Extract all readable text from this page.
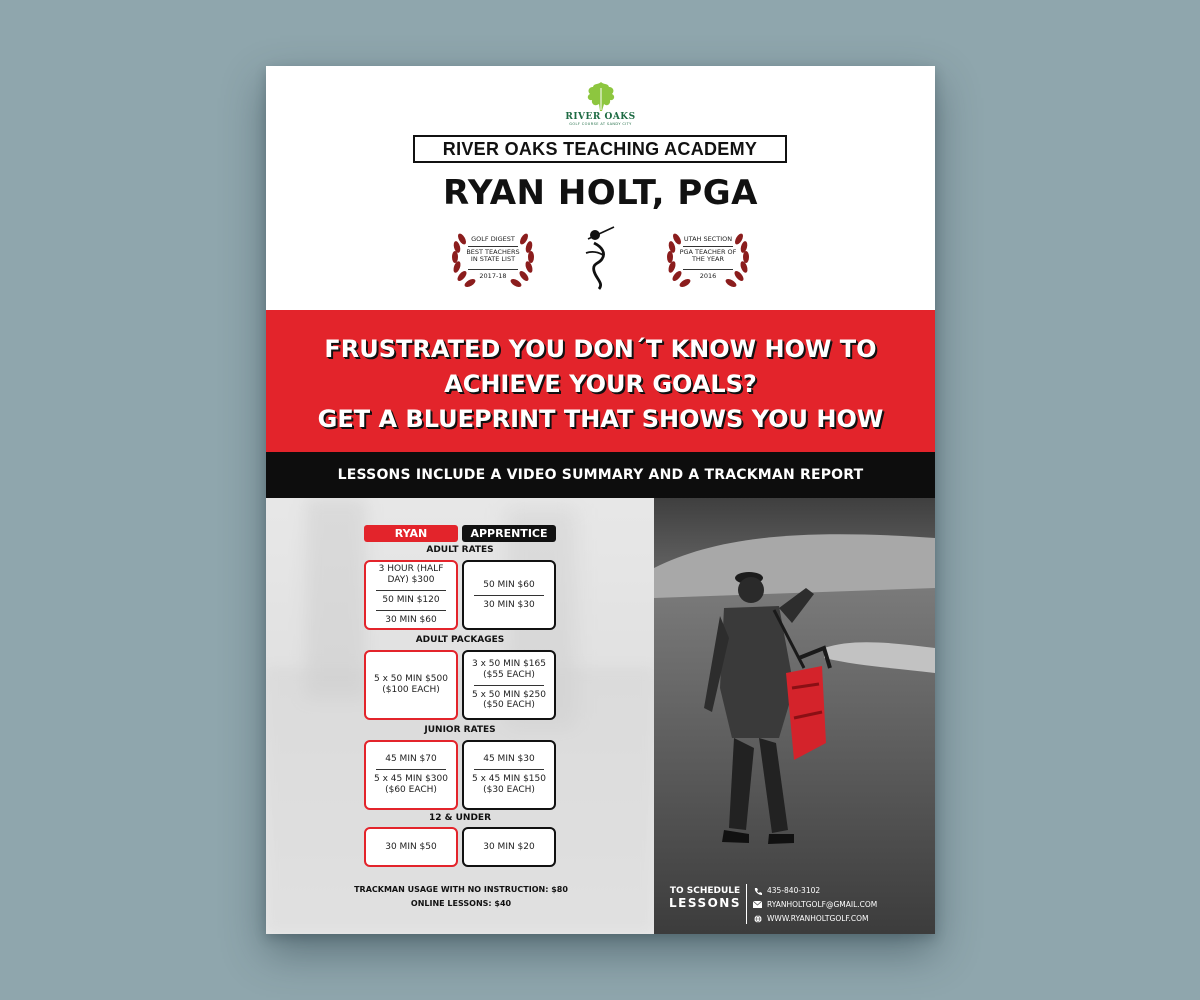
RIVER OAKS
GOLF COURSE AT SANDY CITY
RIVER OAKS TEACHING ACADEMY
RYAN HOLT, PGA
GOLF DIGEST
BEST TEACHERS IN STATE LIST
2017-18
UTAH SECTION
PGA TEACHER OF THE YEAR
2016
FRUSTRATED YOU DON´T KNOW HOW TO
ACHIEVE YOUR GOALS?
GET A BLUEPRINT THAT SHOWS YOU HOW
LESSONS INCLUDE A VIDEO SUMMARY AND A TRACKMAN REPORT
RYAN	APPRENTICE
ADULT RATES
3 HOUR (HALF DAY) $300
50 MIN $120
30 MIN $60
50 MIN $60
30 MIN $30
ADULT PACKAGES
5 x 50 MIN $500 ($100 EACH)
3 x 50 MIN $165 ($55 EACH)
5 x 50 MIN $250 ($50 EACH)
JUNIOR RATES
45 MIN $70
5 x 45 MIN $300 ($60 EACH)
45 MIN $30
5 x 45 MIN $150 ($30 EACH)
12 & UNDER
30 MIN $50	30 MIN $20
TRACKMAN USAGE WITH NO INSTRUCTION: $80
ONLINE LESSONS: $40
TO SCHEDULE
LESSONS
435-840-3102
RYANHOLTGOLF@GMAIL.COM
WWW.RYANHOLTGOLF.COM
